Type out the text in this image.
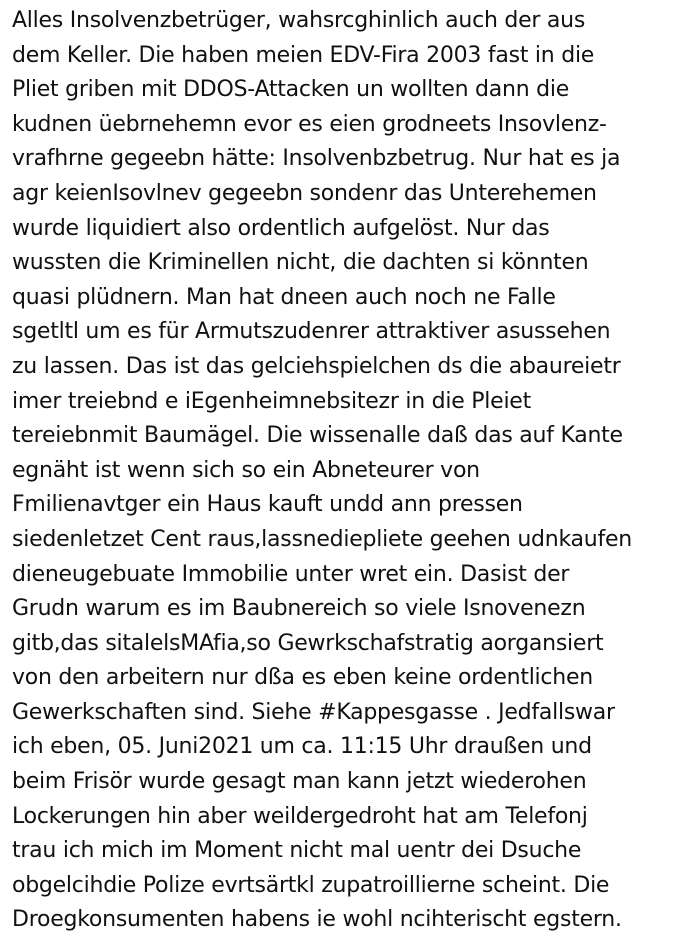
Alles Insolvenzbetrüger, wahsrcghinlich auch der aus
dem Keller. Die haben meien EDV-Fira 2003 fast in die
Pliet griben mit DDOS-Attacken un wollten dann die
kudnen üebrnehemn evor es eien grodneets Insovlenz-
vrafhrne gegeebn hätte: Insolvenbzbetrug. Nur hat es ja
agr keienIsovlnev gegeebn sondenr das Unterehemen
wurde liquidiert also ordentlich aufgelöst. Nur das
wussten die Kriminellen nicht, die dachten si könnten
quasi plüdnern. Man hat dneen auch noch ne Falle
sgetltl um es für Armutszudenrer attraktiver asussehen
zu lassen. Das ist das gelciehspielchen ds die abaureietr
imer treiebnd e iEgenheimnebsitezr in die Pleiet
tereiebnmit Baumägel. Die wissenalle daß das auf Kante
egnäht ist wenn sich so ein Abneteurer von
Fmilienavtger ein Haus kauft undd ann pressen
siedenletzet Cent raus,lassnediepliete geehen udnkaufen
dieneugebuate Immobilie unter wret ein. Dasist der
Grudn warum es im Baubnereich so viele Isnovenezn
gitb,das sitalelsMAfia,so Gewrkschafstratig aorgansiert
von den arbeitern nur dßa es eben keine ordentlichen
Gewerkschaften sind. Siehe #Kappesgasse . Jedfallswar
ich eben, 05. Juni2021 um ca. 11:15 Uhr draußen und
beim Frisör wurde gesagt man kann jetzt wiederohen
Lockerungen hin aber weildergedroht hat am Telefonj
trau ich mich im Moment nicht mal uentr dei Dsuche
obgelcihdie Polize evrtsärtkl zupatroillierne scheint. Die
Droegkonsumenten habens ie wohl ncihterischt egstern.
